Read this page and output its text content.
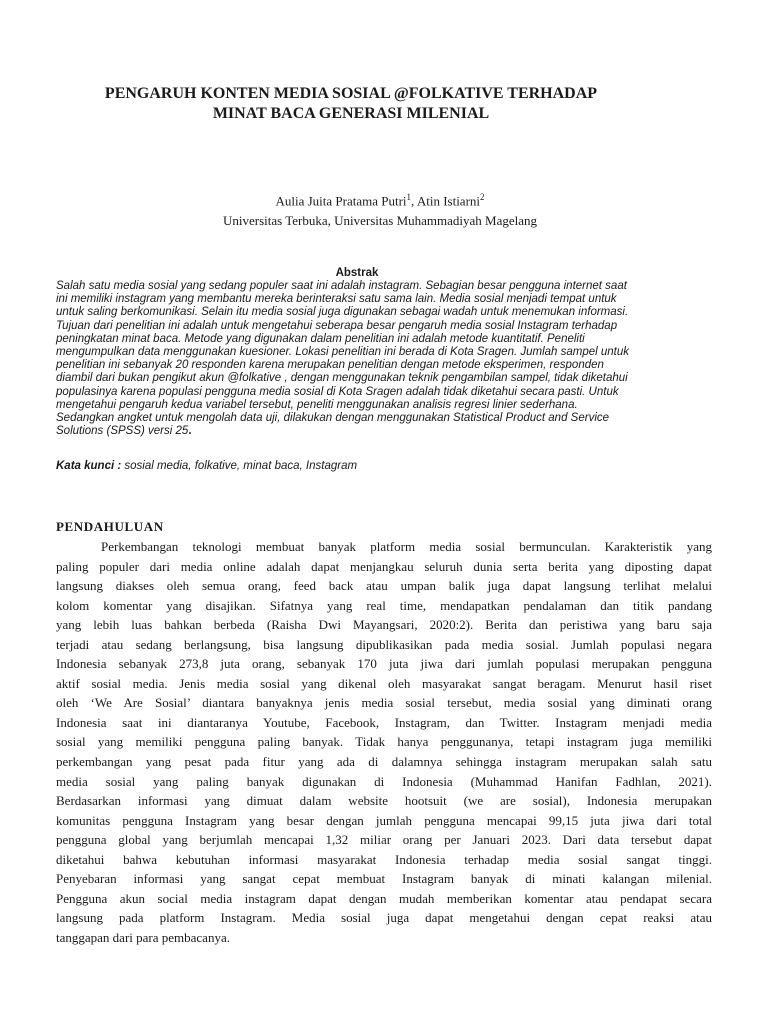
PENGARUH KONTEN MEDIA SOSIAL @FOLKATIVE TERHADAP
MINAT BACA GENERASI MILENIAL
Aulia Juita Pratama Putri$^1$, Atin Istiarni$^2$
Universitas Terbuka, Universitas Muhammadiyah Magelang
Abstrak
Salah satu media sosial yang sedang populer saat ini adalah instagram. Sebagian besar pengguna internet saat
ini memiliki instagram yang membantu mereka berinteraksi satu sama lain. Media sosial menjadi tempat untuk
untuk saling berkomunikasi. Selain itu media sosial juga digunakan sebagai wadah untuk menemukan informasi.
Tujuan dari penelitian ini adalah untuk mengetahui seberapa besar pengaruh media sosial Instagram terhadap
peningkatan minat baca. Metode yang digunakan dalam penelitian ini adalah metode kuantitatif. Peneliti
mengumpulkan data menggunakan kuesioner. Lokasi penelitian ini berada di Kota Sragen. Jumlah sampel untuk
penelitian ini sebanyak 20 responden karena merupakan penelitian dengan metode eksperimen, responden
diambil dari bukan pengikut akun @folkative , dengan menggunakan teknik pengambilan sampel, tidak diketahui
populasinya karena populasi pengguna media sosial di Kota Sragen adalah tidak diketahui secara pasti. Untuk
mengetahui pengaruh kedua variabel tersebut, peneliti menggunakan analisis regresi linier sederhana.
Sedangkan angket untuk mengolah data uji, dilakukan dengan menggunakan Statistical Product and Service
Solutions (SPSS) versi 25.
Kata kunci : sosial media, folkative, minat baca, Instagram
PENDAHULUAN
Perkembangan teknologi membuat banyak platform media sosial bermunculan. Karakteristik yang
paling populer dari media online adalah dapat menjangkau seluruh dunia serta berita yang diposting dapat
langsung diakses oleh semua orang, feed back atau umpan balik juga dapat langsung terlihat melalui
kolom komentar yang disajikan. Sifatnya yang real time, mendapatkan pendalaman dan titik pandang
yang lebih luas bahkan berbeda (Raisha Dwi Mayangsari, 2020:2). Berita dan peristiwa yang baru saja
terjadi atau sedang berlangsung, bisa langsung dipublikasikan pada media sosial. Jumlah populasi negara
Indonesia sebanyak 273,8 juta orang, sebanyak 170 juta jiwa dari jumlah populasi merupakan pengguna
aktif sosial media. Jenis media sosial yang dikenal oleh masyarakat sangat beragam. Menurut hasil riset
oleh ‘We Are Sosial’ diantara banyaknya jenis media sosial tersebut, media sosial yang diminati orang
Indonesia saat ini diantaranya Youtube, Facebook, Instagram, dan Twitter. Instagram menjadi media
sosial yang memiliki pengguna paling banyak. Tidak hanya penggunanya, tetapi instagram juga memiliki
perkembangan yang pesat pada fitur yang ada di dalamnya sehingga instagram merupakan salah satu
media sosial yang paling banyak digunakan di Indonesia (Muhammad Hanifan Fadhlan, 2021).
Berdasarkan informasi yang dimuat dalam website hootsuit (we are sosial), Indonesia merupakan
komunitas pengguna Instagram yang besar dengan jumlah pengguna mencapai 99,15 juta jiwa dari total
pengguna global yang berjumlah mencapai 1,32 miliar orang per Januari 2023. Dari data tersebut dapat
diketahui bahwa kebutuhan informasi masyarakat Indonesia terhadap media sosial sangat tinggi.
Penyebaran informasi yang sangat cepat membuat Instagram banyak di minati kalangan milenial.
Pengguna akun social media instagram dapat dengan mudah memberikan komentar atau pendapat secara
langsung pada platform Instagram. Media sosial juga dapat mengetahui dengan cepat reaksi atau
tanggapan dari para pembacanya.
